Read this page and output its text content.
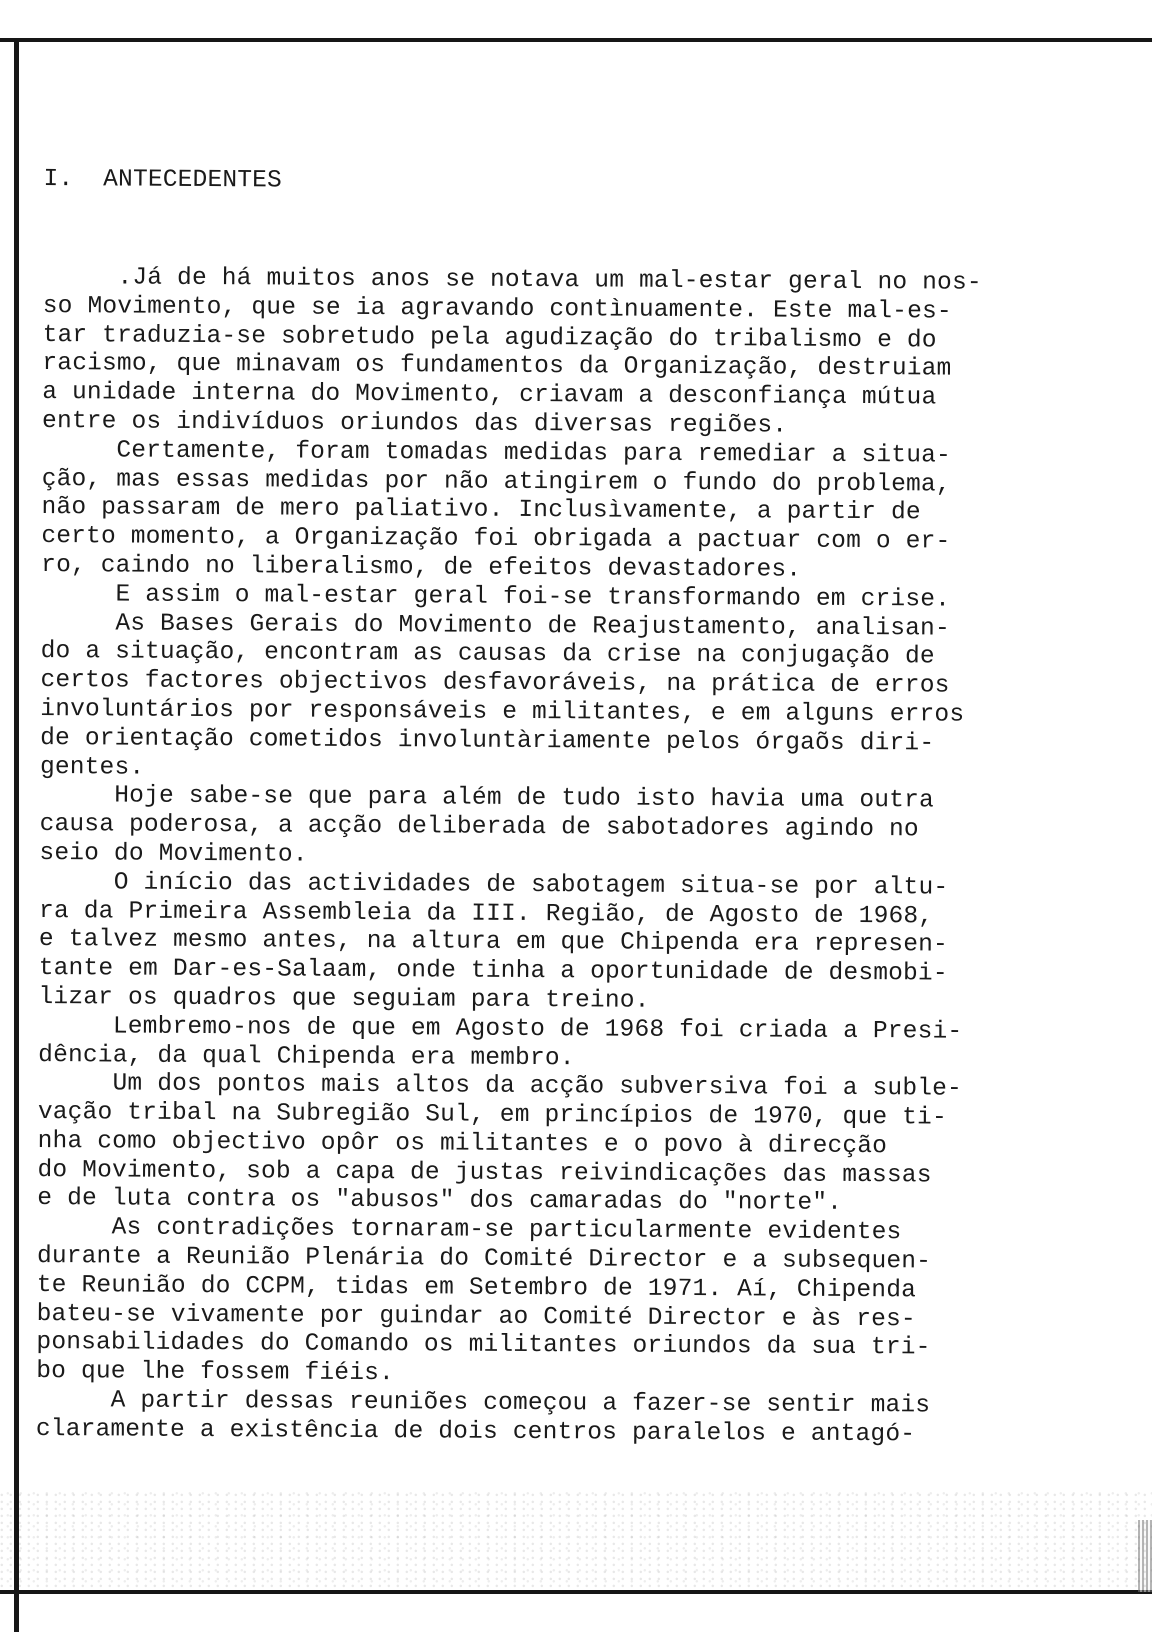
I.  ANTECEDENTES

.Já de há muitos anos se notava um mal-estar geral no nos-
so Movimento, que se ia agravando contìnuamente. Este mal-es-
tar traduzia-se sobretudo pela agudização do tribalismo e do
racismo, que minavam os fundamentos da Organização, destruiam
a unidade interna do Movimento, criavam a desconfiança mútua
entre os indivíduos oriundos das diversas regiões.
Certamente, foram tomadas medidas para remediar a situa-
ção, mas essas medidas por não atingirem o fundo do problema,
não passaram de mero paliativo. Inclusìvamente, a partir de
certo momento, a Organização foi obrigada a pactuar com o er-
ro, caindo no liberalismo, de efeitos devastadores.
E assim o mal-estar geral foi-se transformando em crise.
As Bases Gerais do Movimento de Reajustamento, analisan-
do a situação, encontram as causas da crise na conjugação de
certos factores objectivos desfavoráveis, na prática de erros
involuntários por responsáveis e militantes, e em alguns erros
de orientação cometidos involuntàriamente pelos órgaõs diri-
gentes.
Hoje sabe-se que para além de tudo isto havia uma outra
causa poderosa, a acção deliberada de sabotadores agindo no
seio do Movimento.
O início das actividades de sabotagem situa-se por altu-
ra da Primeira Assembleia da III. Região, de Agosto de 1968,
e talvez mesmo antes, na altura em que Chipenda era represen-
tante em Dar-es-Salaam, onde tinha a oportunidade de desmobi-
lizar os quadros que seguiam para treino.
Lembremo-nos de que em Agosto de 1968 foi criada a Presi-
dência, da qual Chipenda era membro.
Um dos pontos mais altos da acção subversiva foi a suble-
vação tribal na Subregião Sul, em princípios de 1970, que ti-
nha como objectivo opôr os militantes e o povo à direcção
do Movimento, sob a capa de justas reivindicações das massas
e de luta contra os "abusos" dos camaradas do "norte".
As contradições tornaram-se particularmente evidentes
durante a Reunião Plenária do Comité Director e a subsequen-
te Reunião do CCPM, tidas em Setembro de 1971. Aí, Chipenda
bateu-se vivamente por guindar ao Comité Director e às res-
ponsabilidades do Comando os militantes oriundos da sua tri-
bo que lhe fossem fiéis.
A partir dessas reuniões começou a fazer-se sentir mais
claramente a existência de dois centros paralelos e antagó-
